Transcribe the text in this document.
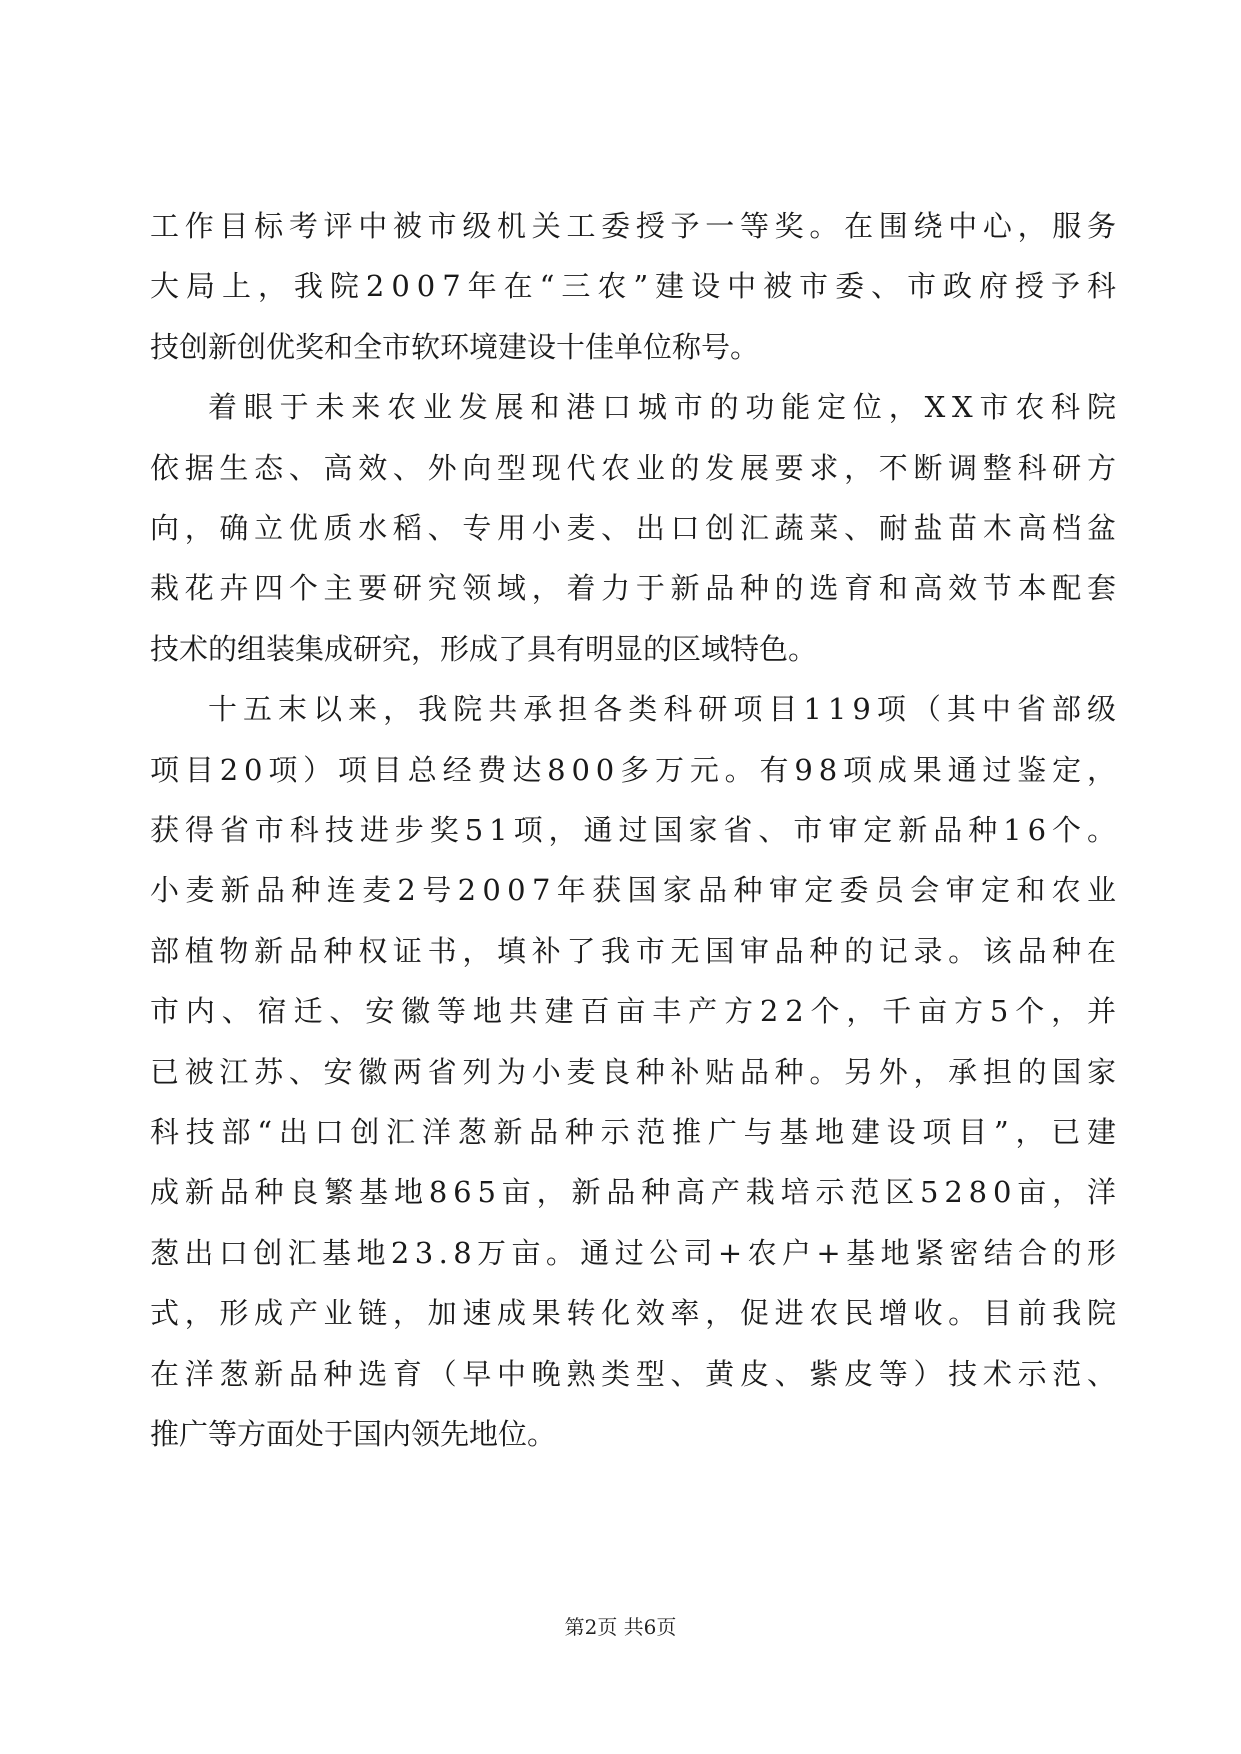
工作目标考评中被市级机关工委授予一等奖。在围绕中心，服务
大局上，我院2007年在“三农”建设中被市委、市政府授予科
技创新创优奖和全市软环境建设十佳单位称号。
着眼于未来农业发展和港口城市的功能定位，XX市农科院
依据生态、高效、外向型现代农业的发展要求，不断调整科研方
向，确立优质水稻、专用小麦、出口创汇蔬菜、耐盐苗木高档盆
栽花卉四个主要研究领域，着力于新品种的选育和高效节本配套
技术的组装集成研究，形成了具有明显的区域特色。
十五末以来，我院共承担各类科研项目119项（其中省部级
项目20项）项目总经费达800多万元。有98项成果通过鉴定，
获得省市科技进步奖51项，通过国家省、市审定新品种16个。
小麦新品种连麦2号2007年获国家品种审定委员会审定和农业
部植物新品种权证书，填补了我市无国审品种的记录。该品种在
市内、宿迁、安徽等地共建百亩丰产方22个，千亩方5个，并
已被江苏、安徽两省列为小麦良种补贴品种。另外，承担的国家
科技部“出口创汇洋葱新品种示范推广与基地建设项目”，已建
成新品种良繁基地865亩，新品种高产栽培示范区5280亩，洋
葱出口创汇基地23.8万亩。通过公司+农户+基地紧密结合的形
式，形成产业链，加速成果转化效率，促进农民增收。目前我院
在洋葱新品种选育（早中晚熟类型、黄皮、紫皮等）技术示范、
推广等方面处于国内领先地位。
第2页 共6页
